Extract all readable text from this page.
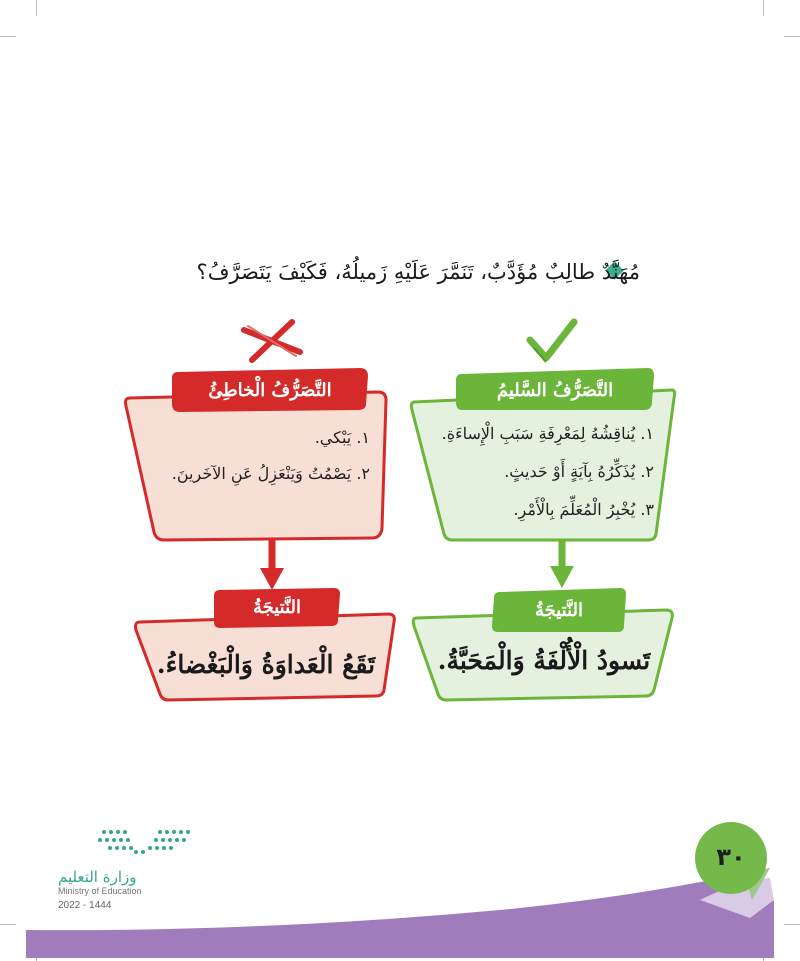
مُهَنَّدٌ طالِبٌ مُؤَدَّبٌ، تَنَمَّرَ عَلَيْهِ زَميلُهُ، فَكَيْفَ يَتَصَرَّفُ؟
التَّصَرُّفُ السَّليمُ
التَّصَرُّفُ الْخاطِئُ
١. يُناقِشُهُ لِمَعْرِفَةِ سَبَبِ الْإِساءَةِ.
٢. يُذَكِّرُهُ بِآيَةٍ أَوْ حَديثٍ.
٣. يُخْبِرُ الْمُعَلِّمَ بِالْأَمْرِ.
١. يَبْكي.
٢. يَصْمُتُ وَيَنْعَزِلُ عَنِ الآخَرينَ.
النَّتيجَةُ
النَّتيجَةُ
تَسودُ الْأُلْفَةُ وَالْمَحَبَّةُ.
تَقَعُ الْعَداوَةُ وَالْبَغْضاءُ.
٣٠
وزارة التعليم
Ministry of Education
2022 - 1444
